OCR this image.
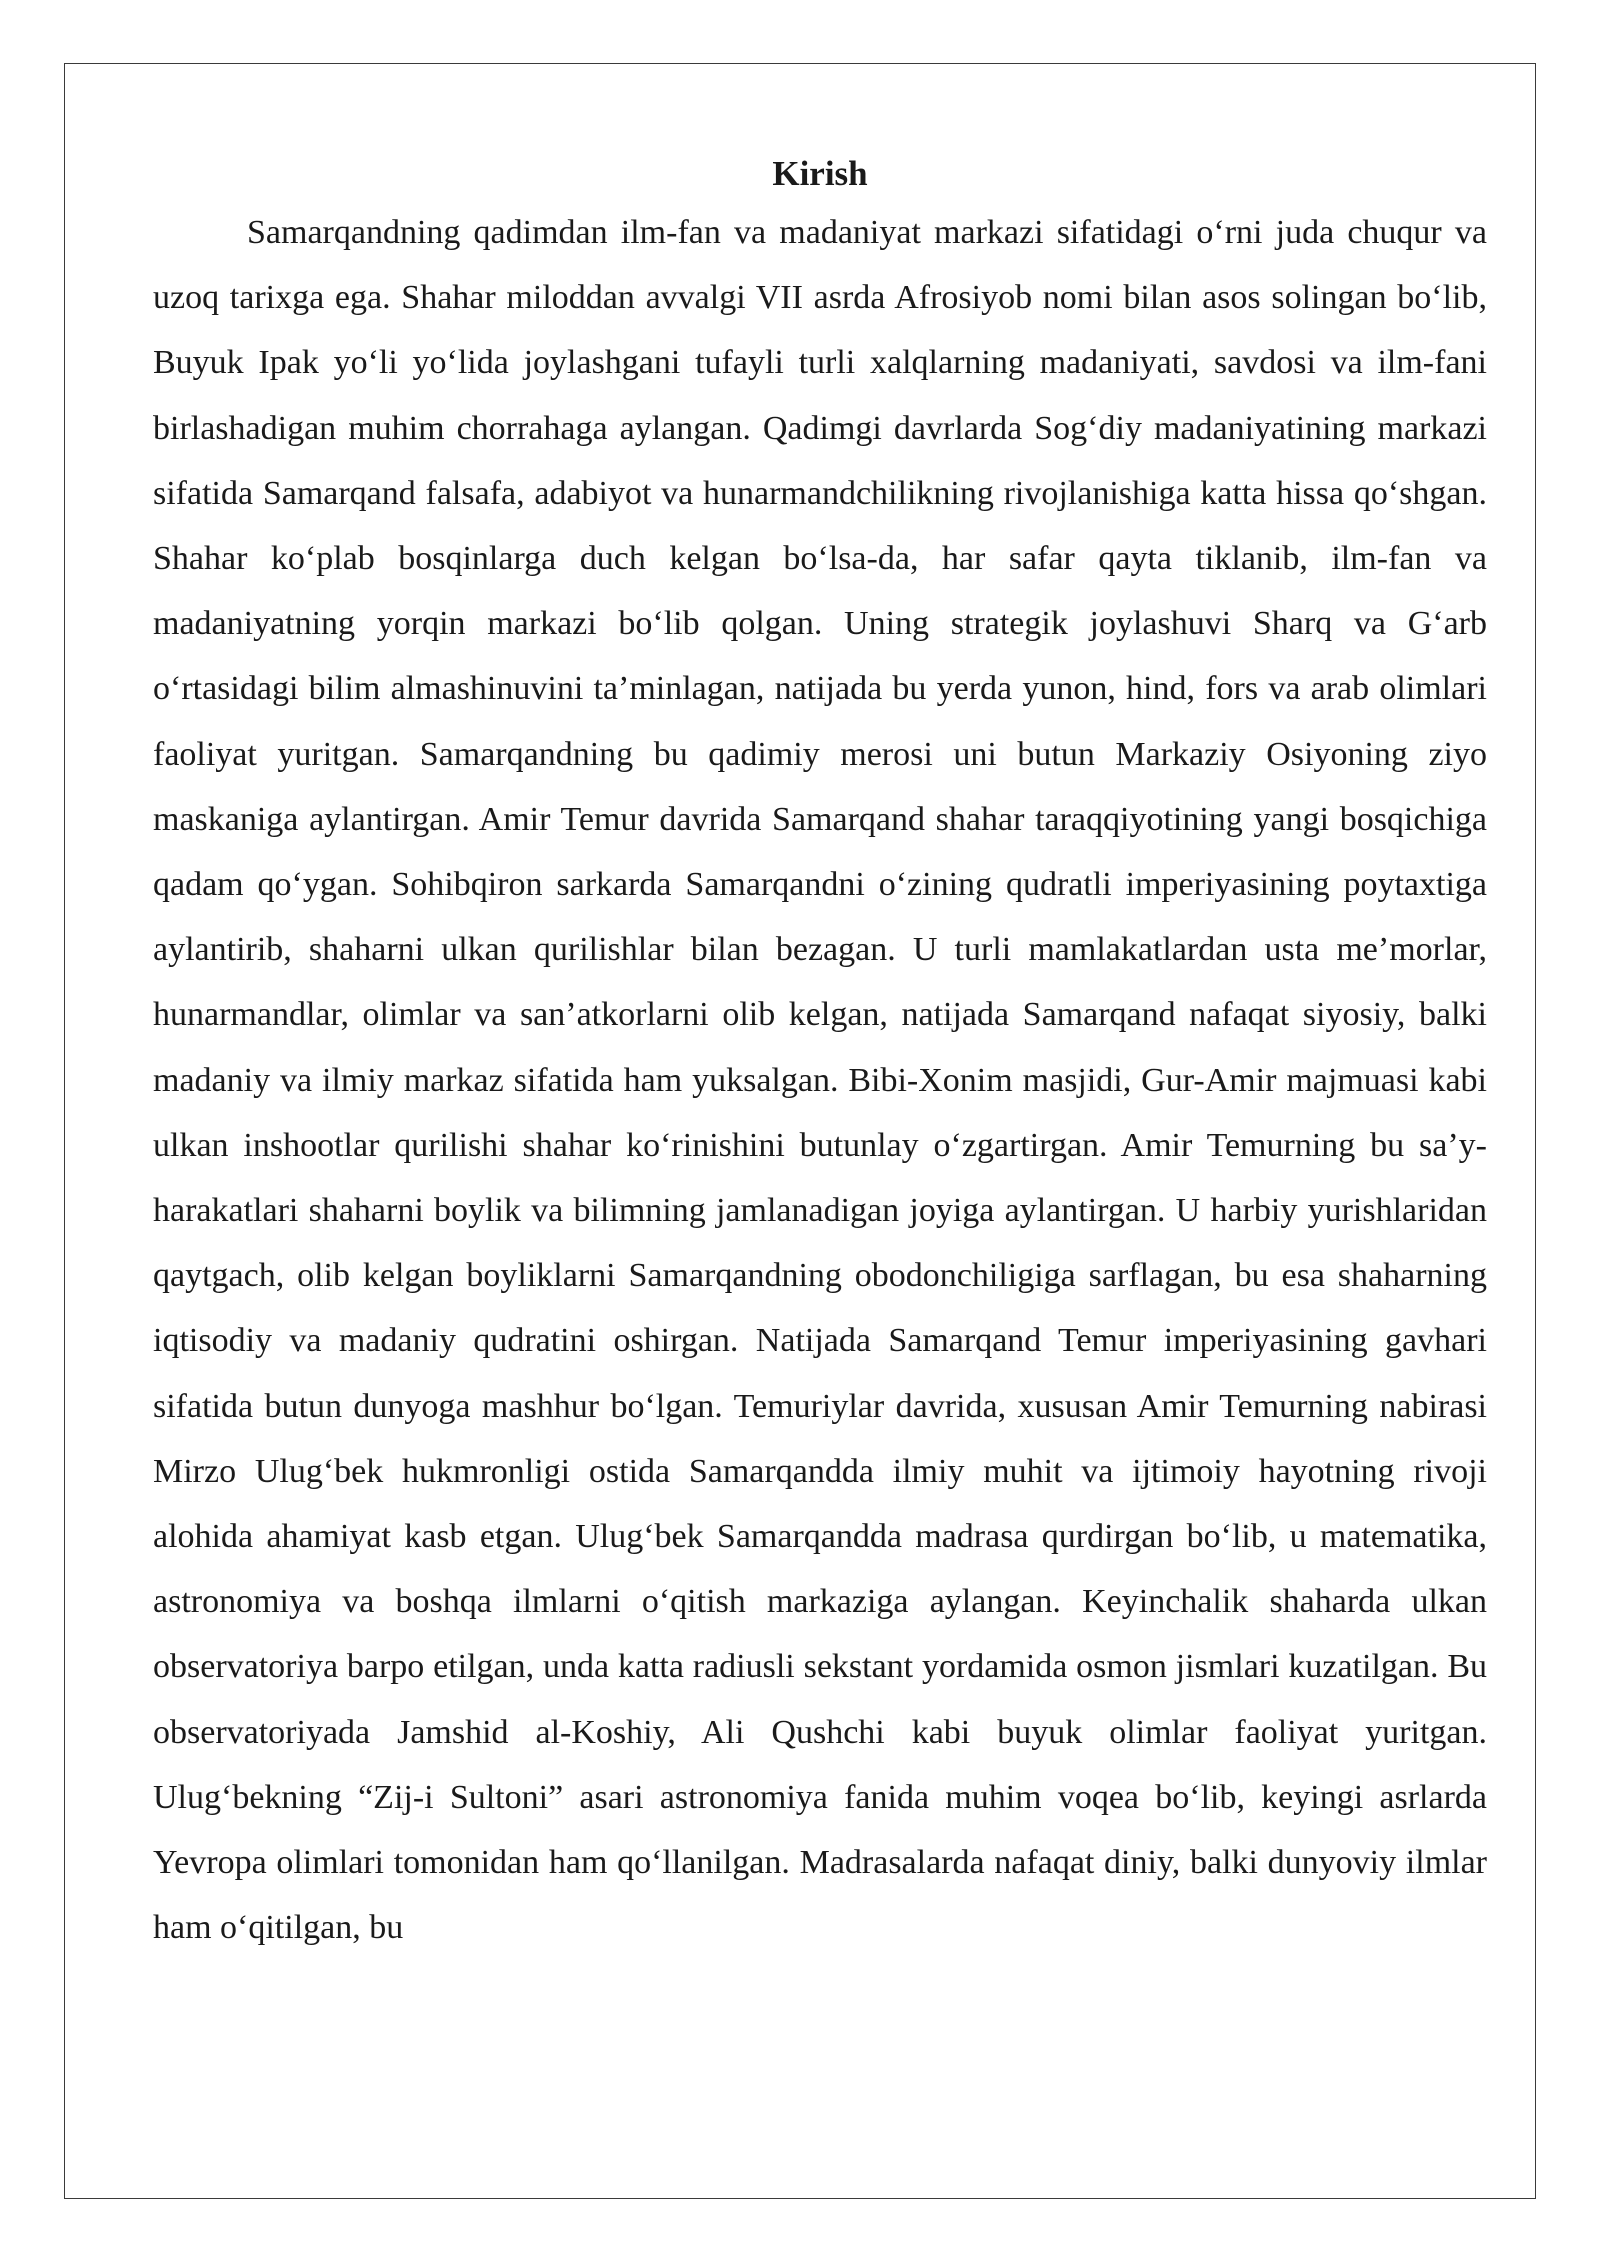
Kirish

Samarqandning qadimdan ilm-fan va madaniyat markazi sifatidagi o‘rni juda chuqur va uzoq tarixga ega. Shahar miloddan avvalgi VII asrda Afrosiyob nomi bilan asos solingan bo‘lib, Buyuk Ipak yo‘li yo‘lida joylashgani tufayli turli xalqlarning madaniyati, savdosi va ilm-fani birlashadigan muhim chorrahaga aylangan. Qadimgi davrlarda Sog‘diy madaniyatining markazi sifatida Samarqand falsafa, adabiyot va hunarmandchilikning rivojlanishiga katta hissa qo‘shgan. Shahar ko‘plab bosqinlarga duch kelgan bo‘lsa-da, har safar qayta tiklanib, ilm-fan va madaniyatning yorqin markazi bo‘lib qolgan. Uning strategik joylashuvi Sharq va G‘arb o‘rtasidagi bilim almashinuvini ta’minlagan, natijada bu yerda yunon, hind, fors va arab olimlari faoliyat yuritgan. Samarqandning bu qadimiy merosi uni butun Markaziy Osiyoning ziyo maskaniga aylantirgan. Amir Temur davrida Samarqand shahar taraqqiyotining yangi bosqichiga qadam qo‘ygan. Sohibqiron sarkarda Samarqandni o‘zining qudratli imperiyasining poytaxtiga aylantirib, shaharni ulkan qurilishlar bilan bezagan. U turli mamlakatlardan usta me’morlar, hunarmandlar, olimlar va san’atkorlarni olib kelgan, natijada Samarqand nafaqat siyosiy, balki madaniy va ilmiy markaz sifatida ham yuksalgan. Bibi-Xonim masjidi, Gur-Amir majmuasi kabi ulkan inshootlar qurilishi shahar ko‘rinishini butunlay o‘zgartirgan. Amir Temurning bu sa’y-harakatlari shaharni boylik va bilimning jamlanadigan joyiga aylantirgan. U harbiy yurishlaridan qaytgach, olib kelgan boyliklarni Samarqandning obodonchiligiga sarflagan, bu esa shaharning iqtisodiy va madaniy qudratini oshirgan. Natijada Samarqand Temur imperiyasining gavhari sifatida butun dunyoga mashhur bo‘lgan. Temuriylar davrida, xususan Amir Temurning nabirasi Mirzo Ulug‘bek hukmronligi ostida Samarqandda ilmiy muhit va ijtimoiy hayotning rivoji alohida ahamiyat kasb etgan. Ulug‘bek Samarqandda madrasa qurdirgan bo‘lib, u matematika, astronomiya va boshqa ilmlarni o‘qitish markaziga aylangan. Keyinchalik shaharda ulkan observatoriya barpo etilgan, unda katta radiusli sekstant yordamida osmon jismlari kuzatilgan. Bu observatoriyada Jamshid al-Koshiy, Ali Qushchi kabi buyuk olimlar faoliyat yuritgan. Ulug‘bekning “Zij-i Sultoni” asari astronomiya fanida muhim voqea bo‘lib, keyingi asrlarda Yevropa olimlari tomonidan ham qo‘llanilgan. Madrasalarda nafaqat diniy, balki dunyoviy ilmlar ham o‘qitilgan, bu
